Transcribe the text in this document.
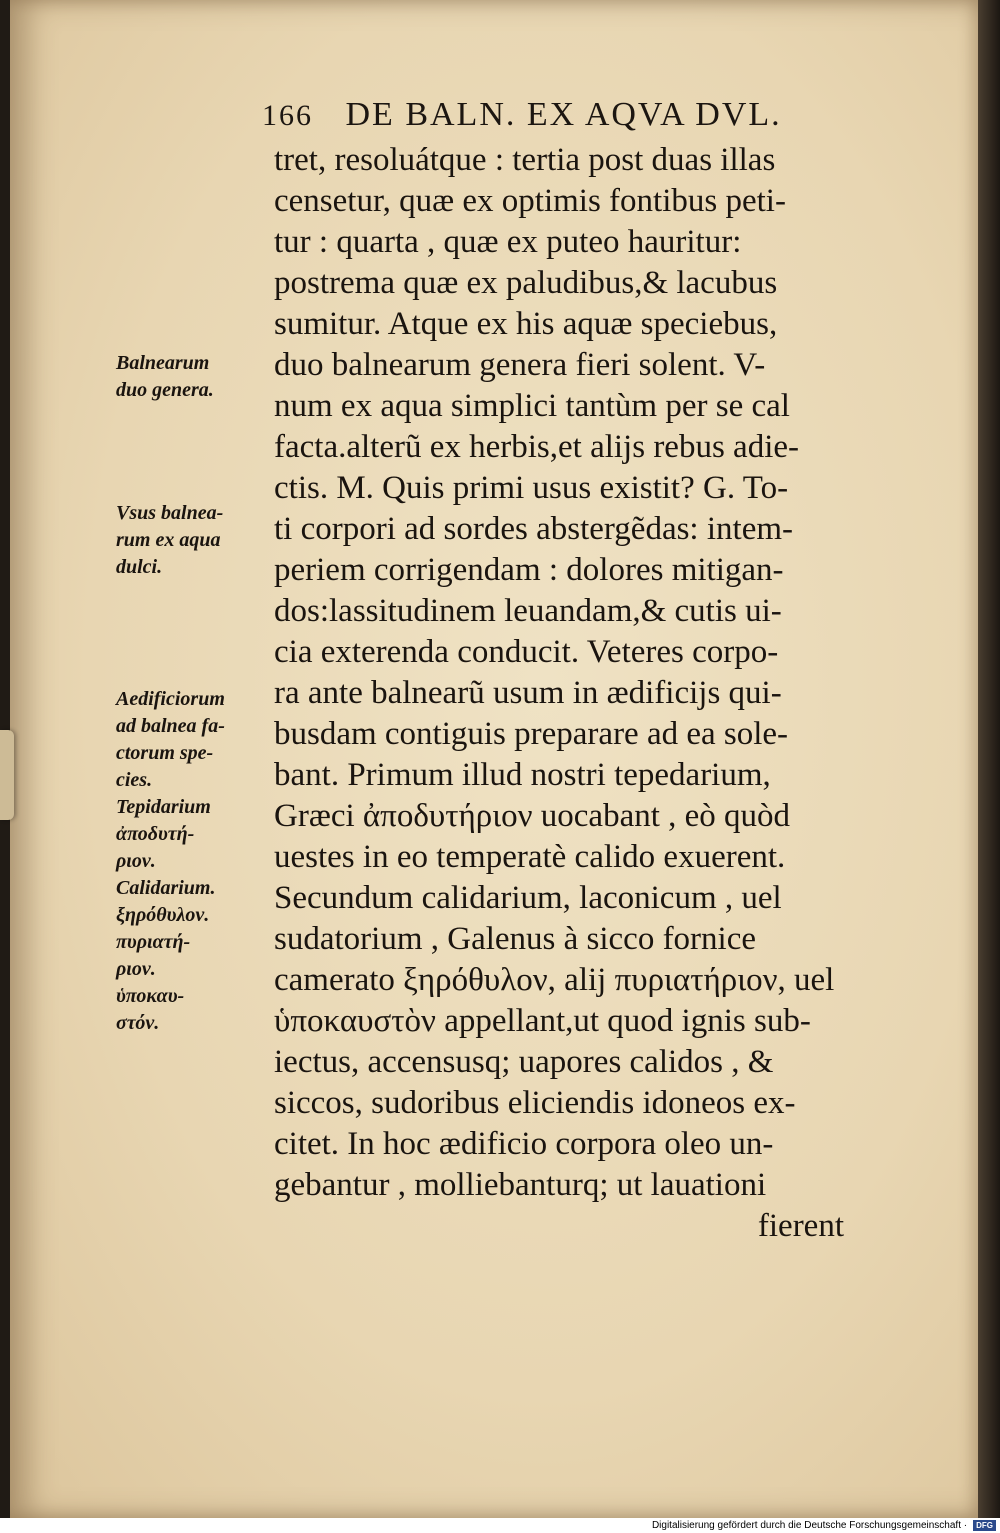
166 DE BALN. EX AQVA DVL.
tret, resoluátque : tertia post duas illas
censetur, quæ ex optimis fontibus peti-
tur : quarta , quæ ex puteo hauritur:
postrema quæ ex paludibus,& lacubus
sumitur. Atque ex his aquæ speciebus,
duo balnearum genera fieri solent. V-
num ex aqua simplici tantùm per se cal
facta.alterũ ex herbis,et alijs rebus adie-
ctis. M. Quis primi usus existit? G. To-
ti corpori ad sordes abstergẽdas: intem-
periem corrigendam : dolores mitigan-
dos:lassitudinem leuandam,& cutis ui-
cia exterenda conducit. Veteres corpo-
ra ante balnearũ usum in ædificijs qui-
busdam contiguis preparare ad ea sole-
bant. Primum illud nostri tepedarium,
Græci ἀποδυτήριον uocabant , eò quòd
uestes in eo temperatè calido exuerent.
Secundum calidarium, laconicum , uel
sudatorium , Galenus à sicco fornice
camerato ξηρόθυλον, alij πυριατήριον, uel
ὑποκαυστὸν appellant,ut quod ignis sub-
iectus, accensusq; uapores calidos , &
siccos, sudoribus eliciendis idoneos ex-
citet. In hoc ædificio corpora oleo un-
gebantur , molliebanturq; ut lauationi
fierent
Balnearum
duo genera.
Vsus balnea-
rum ex aqua
dulci.
Aedificiorum
ad balnea fa-
ctorum spe-
cies.
Tepidarium
ἀποδυτή-
ριον.
Calidarium.
ξηρόθυλον.
πυριατή-
ριον.
ὑποκαυ-
στόν.
Digitalisierung gefördert durch die Deutsche Forschungsgemeinschaft · DFG
